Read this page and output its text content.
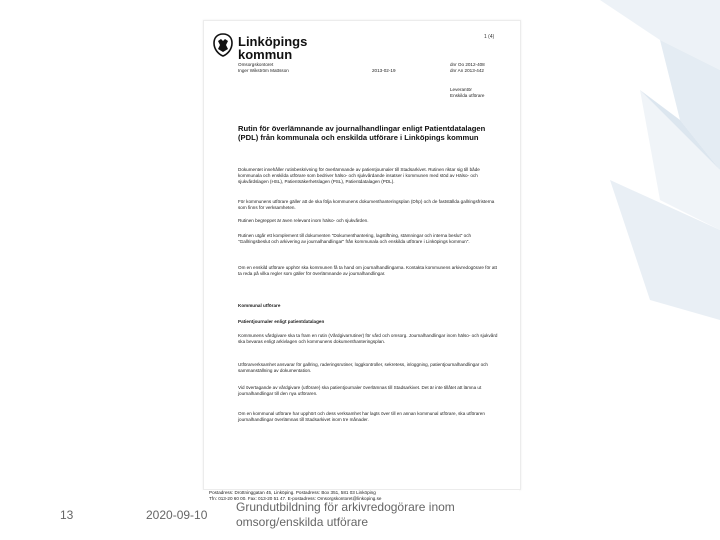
Linköpings
kommun
1 (4)
Omsorgskontoret
Inger Wikström Mattsson	2013-02-19
dnr Oo 2012-408
dnr An 2013-442
Leverantör
Enskilda utförare
Rutin för överlämnande av journalhandlingar enligt Patientdatalagen (PDL) från kommunala och enskilda utförare i Linköpings kommun
Dokumentet innehåller rutinbeskrivning för överlämnande av patientjournaler till Stadsarkivet. Rutinen riktar sig till både kommunala och enskilda utförare som bedriver hälso- och sjukvårdande insatser i kommunen med stöd av Hälso- och sjukvårdslagen (HSL), Patientsäkerhetslagen (PSL), Patientdatalagen (PDL).
För kommunens utförare gäller att de ska följa kommunens dokumenthanteringsplan (Dhp) och de fastställda gallringsfristerna som finns för verksamheten.
Rutinen begreppet är även relevant inom hälso- och sjukvården.
Rutinen utgår ett komplement till dokumenten "Dokumenthantering, lagstiftning, stämningar och interna beslut" och "Gallringsbeslut och arkivering av journalhandlingar" från kommunala och enskilda utförare i Linköpings kommun".
Om en enskild utförare upphör ska kommunen få ta hand om journalhandlingarna. Kontakta kommunens arkivredogörare för att ta reda på vilka regler som gäller för överlämnande av journalhandlingar.
Kommunal utförare
Patientjournaler enligt patientdatalagen
Kommunens vårdgivare ska ta fram en rutin (Vårdgivarrutiner) för vård och omsorg. Journalhandlingar inom hälso- och sjukvård ska bevaras enligt arkivlagen och kommunens dokumenthanteringsplan.
Utförarverksamhet ansvarar för gallring, raderingsrutiner, loggkontroller, sekretess, inloggning, patientjournalhandlingar och sammanställning av dokumentation.
Vid övertagande av vårdgivare (utförare) ska patientjournaler överlämnas till Stadsarkivet. Det är inte tillåtet att lämna ut journalhandlingar till den nya utföraren.
Om en kommunal utförare har upphört och dess verksamhet har lagts över till en annan kommunal utförare, ska utföraren journalhandlingar överlämnas till Stadsarkivet inom tre månader.
Postadress: Drottninggatan 45, Linköping. Postadress: Box 351, 581 03 Linköping
Tfn: 013-20 60 00. Fax: 013-20 51 47. E-postadress: Omsorgskontoret@linkoping.se
13	2020-09-10
Grundutbildning för arkivredogörare inom omsorg/enskilda utförare
